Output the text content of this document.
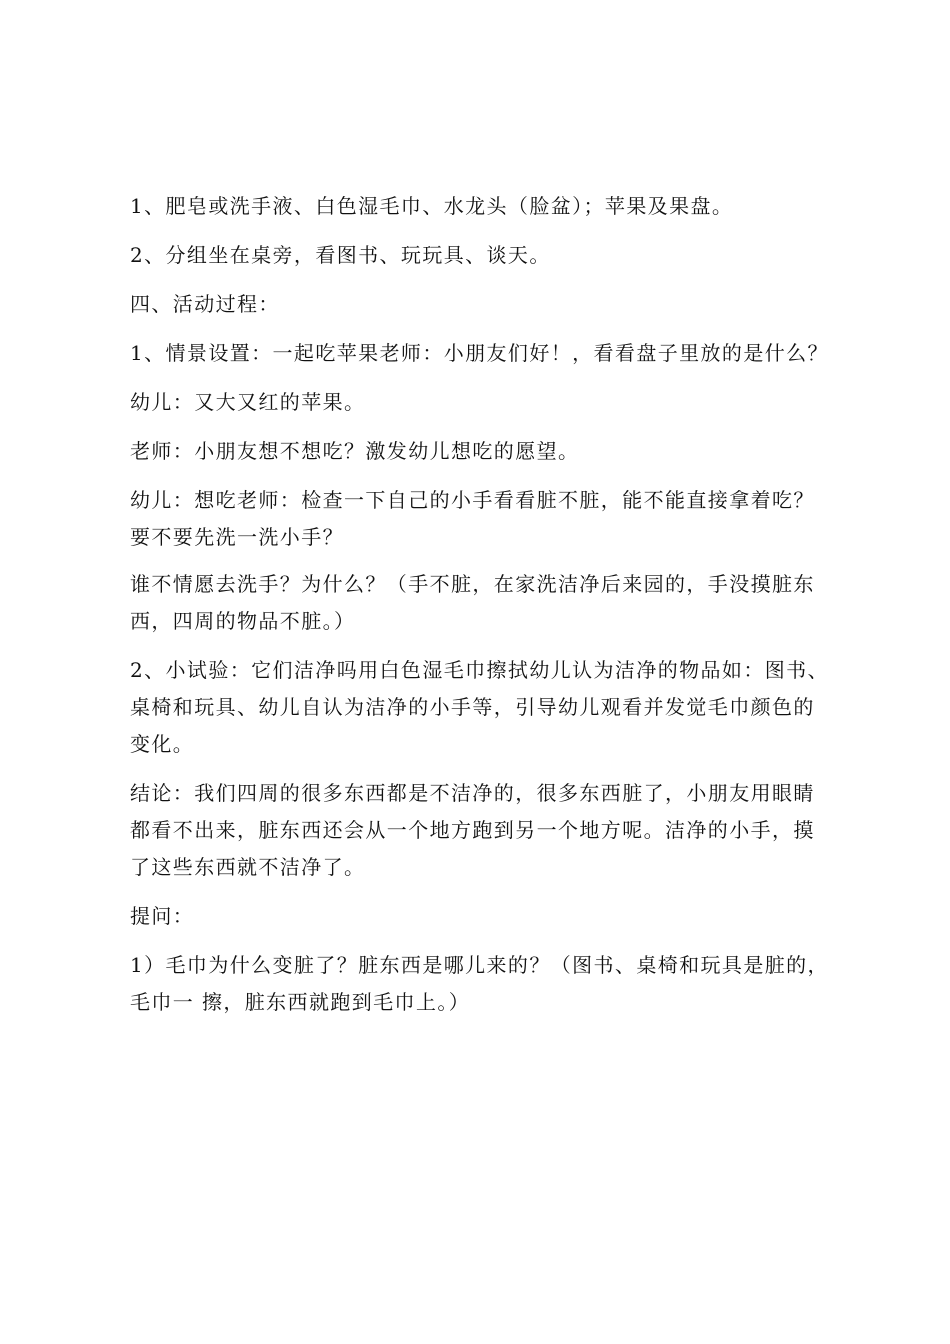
1、肥皂或洗手液、白色湿毛巾、水龙头（脸盆）；苹果及果盘。

2、分组坐在桌旁，看图书、玩玩具、谈天。

四、活动过程：

1、情景设置：一起吃苹果老师：小朋友们好！，看看盘子里放的是什么？

幼儿：又大又红的苹果。

老师：小朋友想不想吃？激发幼儿想吃的愿望。

幼儿：想吃老师：检查一下自己的小手看看脏不脏，能不能直接拿着吃？要不要先洗一洗小手？

谁不情愿去洗手？为什么？（手不脏，在家洗洁净后来园的，手没摸脏东西，四周的物品不脏。）

2、小试验：它们洁净吗用白色湿毛巾擦拭幼儿认为洁净的物品如：图书、桌椅和玩具、幼儿自认为洁净的小手等，引导幼儿观看并发觉毛巾颜色的变化。

结论：我们四周的很多东西都是不洁净的，很多东西脏了，小朋友用眼睛都看不出来，脏东西还会从一个地方跑到另一个地方呢。洁净的小手，摸了这些东西就不洁净了。

提问：

1）毛巾为什么变脏了？脏东西是哪儿来的？（图书、桌椅和玩具是脏的，毛巾一 擦，脏东西就跑到毛巾上。）
